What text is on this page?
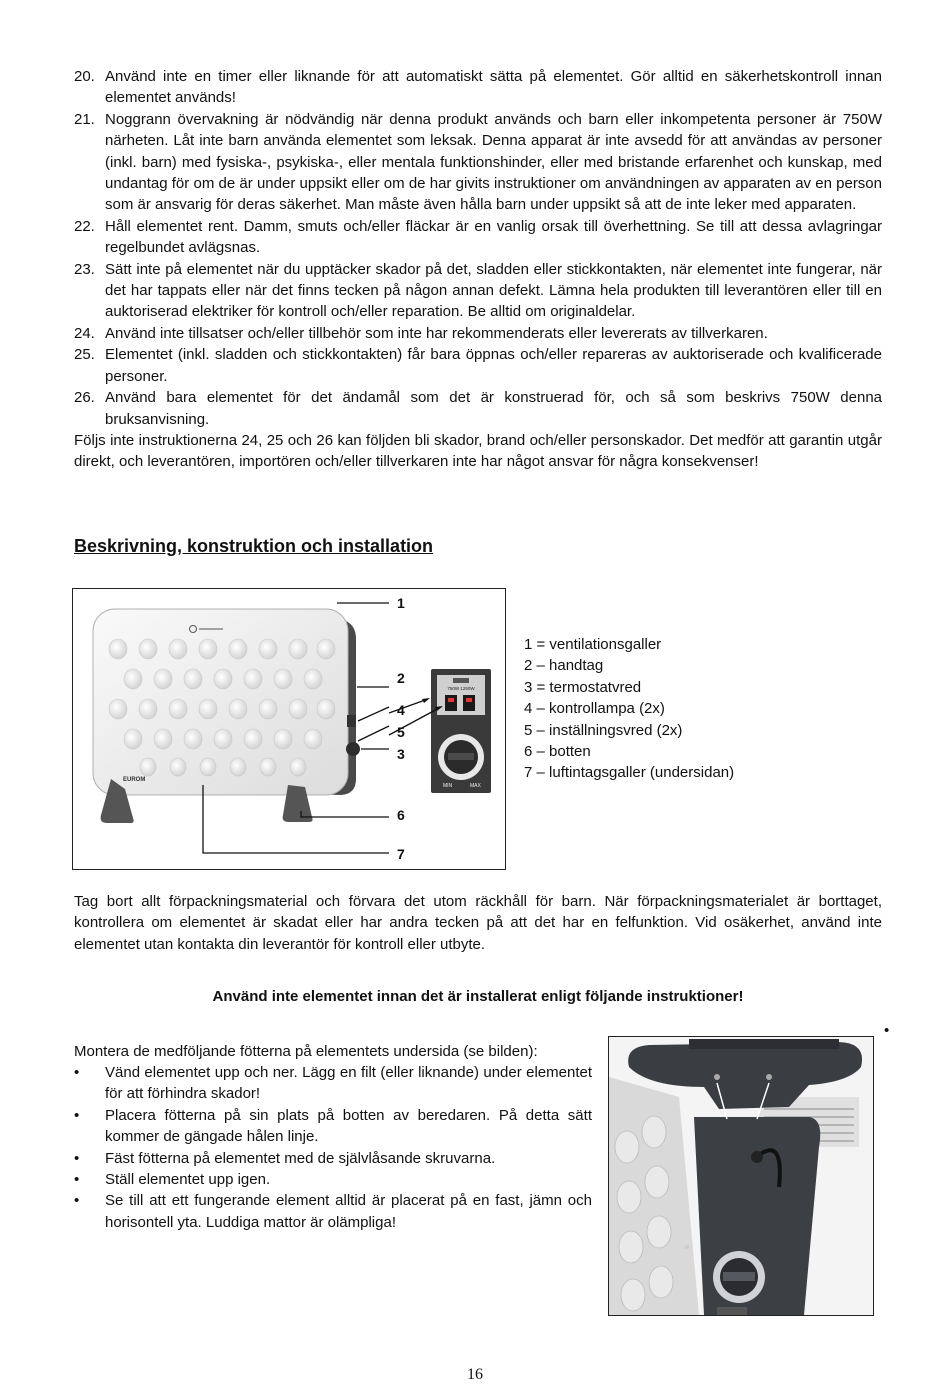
20. Använd inte en timer eller liknande för att automatiskt sätta på elementet. Gör alltid en säkerhetskontroll innan elementet används!
21. Noggrann övervakning är nödvändig när denna produkt används och barn eller inkompetenta personer är 750W närheten. Låt inte barn använda elementet som leksak. Denna apparat är inte avsedd för att användas av personer (inkl. barn) med fysiska-, psykiska-, eller mentala funktionshinder, eller med bristande erfarenhet och kunskap, med undantag för om de är under uppsikt eller om de har givits instruktioner om användningen av apparaten av en person som är ansvarig för deras säkerhet. Man måste även hålla barn under uppsikt så att de inte leker med apparaten.
22. Håll elementet rent. Damm, smuts och/eller fläckar är en vanlig orsak till överhettning. Se till att dessa avlagringar regelbundet avlägsnas.
23. Sätt inte på elementet när du upptäcker skador på det, sladden eller stickkontakten, när elementet inte fungerar, när det har tappats eller när det finns tecken på någon annan defekt. Lämna hela produkten till leverantören eller till en auktoriserad elektriker för kontroll och/eller reparation. Be alltid om originaldelar.
24. Använd inte tillsatser och/eller tillbehör som inte har rekommenderats eller levererats av tillverkaren.
25. Elementet (inkl. sladden och stickkontakten) får bara öppnas och/eller repareras av auktoriserade och kvalificerade personer.
26. Använd bara elementet för det ändamål som det är konstruerad för, och så som beskrivs 750W denna bruksanvisning.
Följs inte instruktionerna 24, 25 och 26 kan följden bli skador, brand och/eller personskador. Det medför att garantin utgår direkt, och leverantören, importören och/eller tillverkaren inte har något ansvar för några konsekvenser!
Beskrivning, konstruktion och installation
EUROM
750W 1250W
MIN	MAX
1
2
4
5
3
6
7
1 = ventilationsgaller
2 – handtag
3 = termostatvred
4 – kontrollampa (2x)
5 – inställningsvred (2x)
6 – botten
7 – luftintagsgaller (undersidan)
Tag bort allt förpackningsmaterial och förvara det utom räckhåll för barn. När förpackningsmaterialet är borttaget, kontrollera om elementet är skadat eller har andra tecken på att det har en felfunktion. Vid osäkerhet, använd inte elementet utan kontakta din leverantör för kontroll eller utbyte.
Använd inte elementet innan det är installerat enligt följande instruktioner!
•
Montera de medföljande fötterna på elementets undersida (se bilden):
• Vänd elementet upp och ner. Lägg en filt (eller liknande) under elementet för att förhindra skador!
• Placera fötterna på sin plats på botten av beredaren. På detta sätt kommer de gängade hålen linje.
• Fäst fötterna på elementet med de självlåsande skruvarna.
• Ställ elementet upp igen.
• Se till att ett fungerande element alltid är placerat på en fast, jämn och horisontell yta. Luddiga mattor är olämpliga!
16
